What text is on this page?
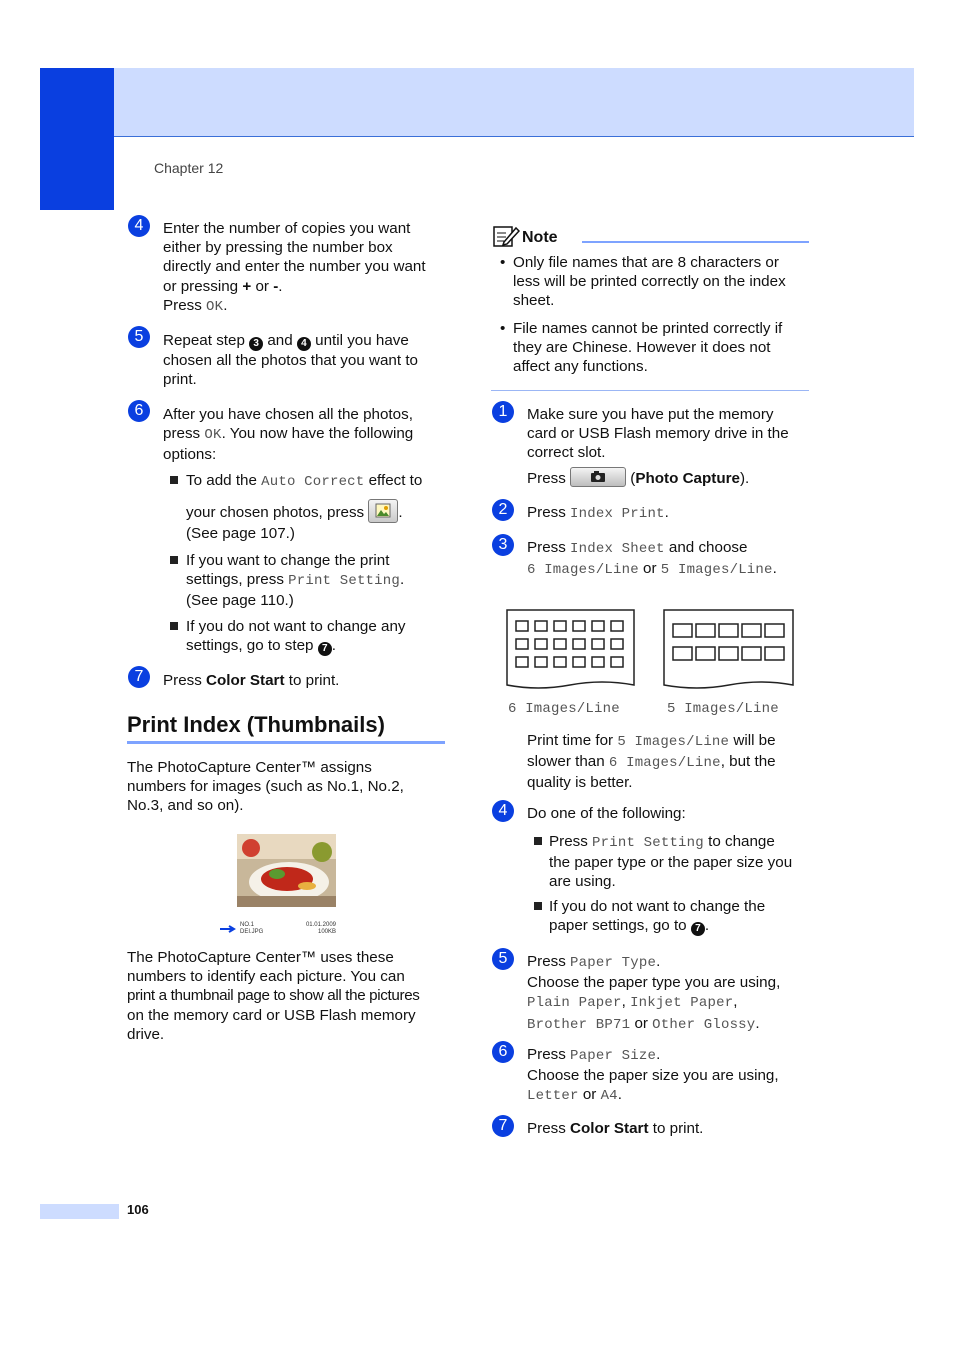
Chapter 12
4	Enter the number of copies you want
either by pressing the number box
directly and enter the number you want
or pressing + or -.
Press OK.
5	Repeat step 3 and 4 until you have
chosen all the photos that you want to
print.
6	After you have chosen all the photos,
press OK. You now have the following
options:
To add the Auto Correct effect to
your chosen photos, press
.
(See page 107.)
If you want to change the print
settings, press Print Setting.
(See page 110.)
If you do not want to change any
settings, go to step 7 .
7	Press Color Start to print.
Print Index (Thumbnails)
The PhotoCapture Center™ assigns
numbers for images (such as No.1, No.2,
No.3, and so on).
NO.1
DEI.JPG
01.01.2009
100KB
The PhotoCapture Center™ uses these
numbers to identify each picture. You can
print a thumbnail page to show all the pictures
on the memory card or USB Flash memory
drive.
Note
• Only file names that are 8 characters or
less will be printed correctly on the index
sheet.
• File names cannot be printed correctly if
they are Chinese. However it does not
affect any functions.
1	Make sure you have put the memory
card or USB Flash memory drive in the
correct slot.
Press	(Photo Capture).
2	Press Index Print.
3	Press Index Sheet and choose
6 Images/Line or 5 Images/Line.
6 Images/Line	5 Images/Line
Print time for 5 Images/Line will be
slower than 6 Images/Line, but the
quality is better.
4	Do one of the following:
Press Print Setting to change
the paper type or the paper size you
are using.
If you do not want to change the
paper settings, go to 7 .
5	Press Paper Type.
Choose the paper type you are using,
Plain Paper, Inkjet Paper,
Brother BP71 or Other Glossy.
6	Press Paper Size.
Choose the paper size you are using,
Letter or A4.
7	Press Color Start to print.
106
